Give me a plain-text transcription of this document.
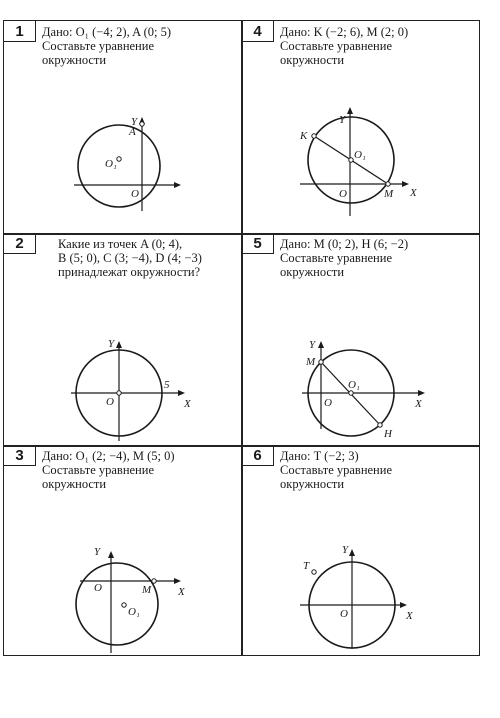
1	Дано: O₁ (−4; 2), A (0; 5)
Составьте уравнение
окружности
Y
A
O₁
O
2	Какие из точек A (0; 4),
B (5; 0), C (3; −4), D (4; −3)
принадлежат окружности?
Y
5
X
O
3	Дано: O₁ (2; −4), M (5; 0)
Составьте уравнение
окружности
Y
O	M X
O₁
4	Дано: K (−2; 6), M (2; 0)
Составьте уравнение
окружности
Y
K
O₁
O	M X
5	Дано: M (0; 2), H (6; −2)
Составьте уравнение
окружности
Y
M
O₁
O	X
H
6	Дано: T (−2; 3)
Составьте уравнение
окружности
Y
T
O	X
